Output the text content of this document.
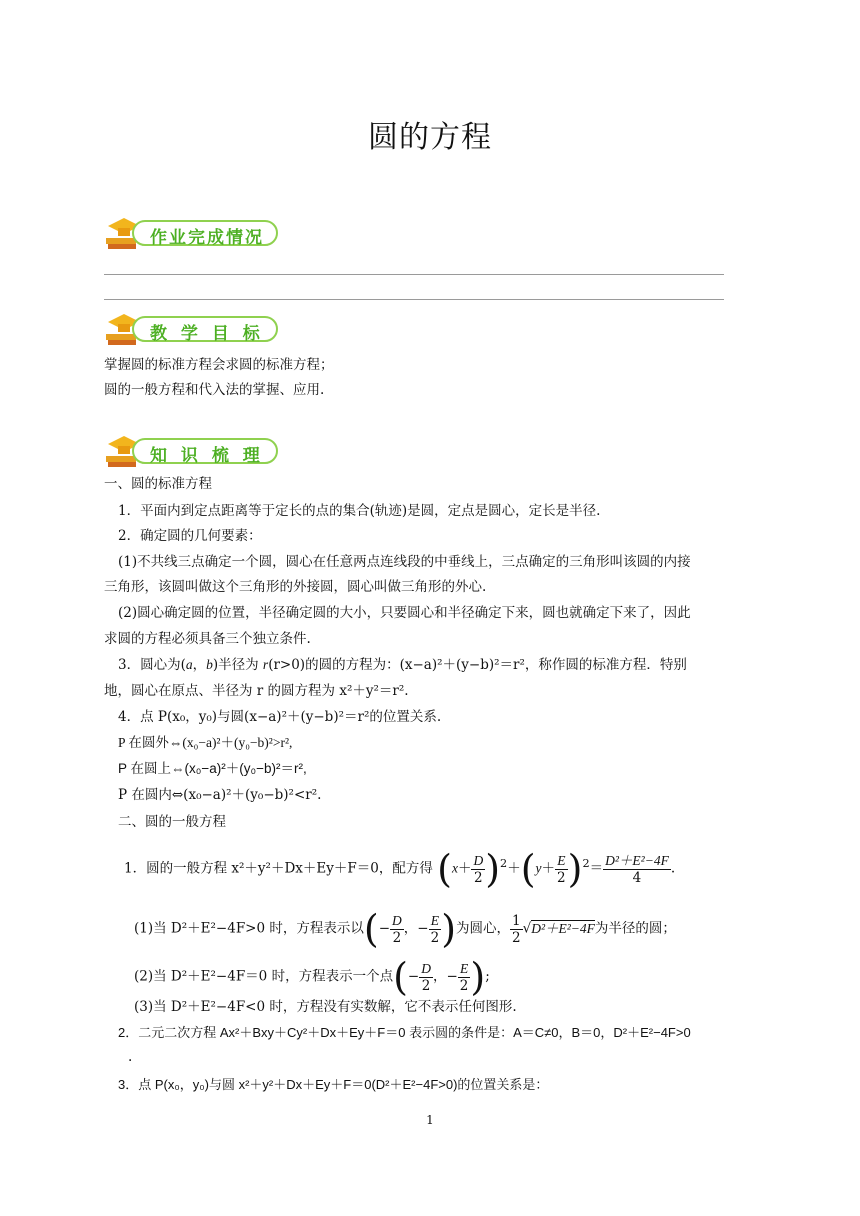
圆的方程
作业完成情况
教 学 目 标
掌握圆的标准方程会求圆的标准方程；
圆的一般方程和代入法的掌握、应用.
知 识 梳 理
一、圆的标准方程
1．平面内到定点距离等于定长的点的集合(轨迹)是圆，定点是圆心，定长是半径.
2．确定圆的几何要素：
(1)不共线三点确定一个圆，圆心在任意两点连线段的中垂线上，三点确定的三角形叫该圆的内接
三角形，该圆叫做这个三角形的外接圆，圆心叫做三角形的外心.
(2)圆心确定圆的位置，半径确定圆的大小，只要圆心和半径确定下来，圆也就确定下来了，因此
求圆的方程必须具备三个独立条件.
3．圆心为(a，b)半径为 r(r>0)的圆的方程为：(x−a)²＋(y−b)²＝r²，称作圆的标准方程．特别
地，圆心在原点、半径为 r 的圆方程为 x²＋y²＝r².
4．点 P(x₀，y₀)与圆(x−a)²＋(y−b)²＝r²的位置关系.
P 在圆外⇔(x₀−a)²＋(y₀−b)²>r²,
P 在圆上⇔(x₀−a)²＋(y₀−b)²＝r²,
P 在圆内⇔(x₀−a)²＋(y₀−b)²<r².
二、圆的一般方程
1．圆的一般方程 x²＋y²＋Dx＋Ey＋F＝0，配方得 $(x+ \frac{D}{2} )^2+(y+ \frac{E}{2} )^2= \frac{\text{D²＋E²−4F}}{4}$ .
(1)当 D²＋E²−4F>0 时，方程表示以(− $\frac{D}{2}$ ，− $\frac{E}{2}$ )为圆心， $\frac{1}{2} √D^2+E^2-4F$为半径的圆；
(2)当 D²＋E²−4F＝0 时，方程表示一个点(− $\frac{D}{2}$ ，− $\frac{E}{2}$ );
(3)当 D²＋E²−4F<0 时，方程没有实数解，它不表示任何图形.
2．二元二次方程 Ax²＋Bxy＋Cy²＋Dx＋Ey＋F＝0 表示圆的条件是：A＝C≠0，B＝0，D²＋E²−4F>0
.
3．点 P(x₀，y₀)与圆 x²＋y²＋Dx＋Ey＋F＝0(D²＋E²−4F>0)的位置关系是：
1
